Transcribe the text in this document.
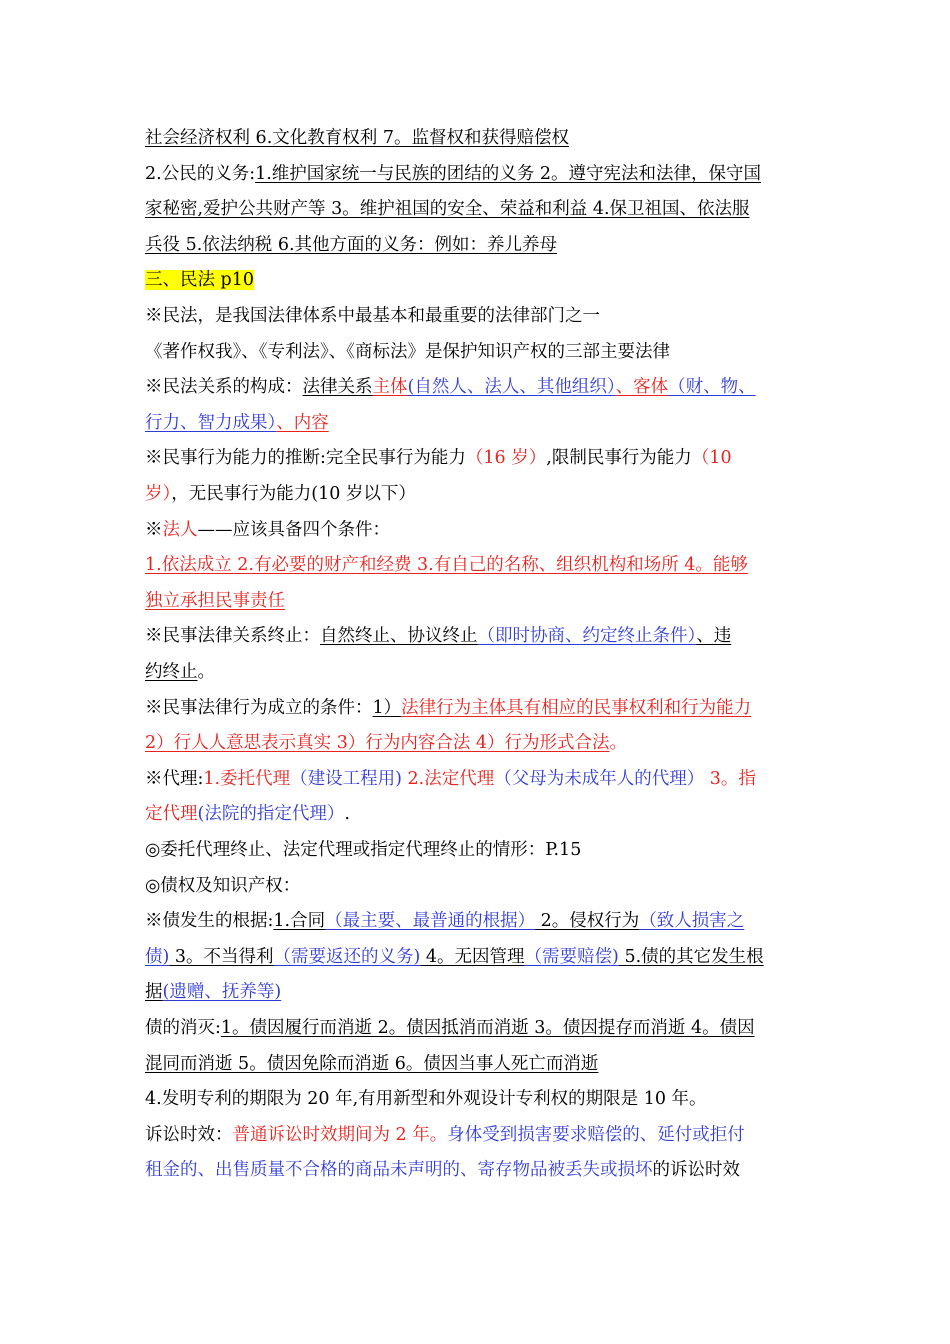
社会经济权利 6.文化教育权利 7。监督权和获得赔偿权
2.公民的义务:1.维护国家统一与民族的团结的义务 2。遵守宪法和法律，保守国
家秘密,爱护公共财产等 3。维护祖国的安全、荣益和利益 4.保卫祖国、依法服
兵役 5.依法纳税 6.其他方面的义务：例如：养儿养母
三、民法 p10
※民法，是我国法律体系中最基本和最重要的法律部门之一
《著作权我》、《专利法》、《商标法》是保护知识产权的三部主要法律
※民法关系的构成：法律关系主体(自然人、法人、其他组织）、客体（财、物、
行力、智力成果）、内容
※民事行为能力的推断:完全民事行为能力（16 岁）,限制民事行为能力（10
岁），无民事行为能力(10 岁以下）
※法人——应该具备四个条件：
1.依法成立 2.有必要的财产和经费 3.有自己的名称、组织机构和场所 4。能够
独立承担民事责任
※民事法律关系终止：自然终止、协议终止（即时协商、约定终止条件）、违
约终止。
※民事法律行为成立的条件：1）法律行为主体具有相应的民事权利和行为能力
2）行人人意思表示真实 3）行为内容合法 4）行为形式合法。
※代理:1.委托代理（建设工程用) 2.法定代理（父母为未成年人的代理） 3。指
定代理(法院的指定代理）.
◎委托代理终止、法定代理或指定代理终止的情形：P.15
◎债权及知识产权：
※债发生的根据:1.合同（最主要、最普通的根据） 2。侵权行为（致人损害之
债) 3。不当得利（需要返还的义务) 4。无因管理（需要赔偿) 5.债的其它发生根
据(遗赠、抚养等)
债的消灭:1。债因履行而消逝 2。债因抵消而消逝 3。债因提存而消逝 4。债因
混同而消逝 5。债因免除而消逝 6。债因当事人死亡而消逝
4.发明专利的期限为 20 年,有用新型和外观设计专利权的期限是 10 年。
诉讼时效：普通诉讼时效期间为 2 年。身体受到损害要求赔偿的、延付或拒付
租金的、出售质量不合格的商品未声明的、寄存物品被丢失或损坏的诉讼时效
